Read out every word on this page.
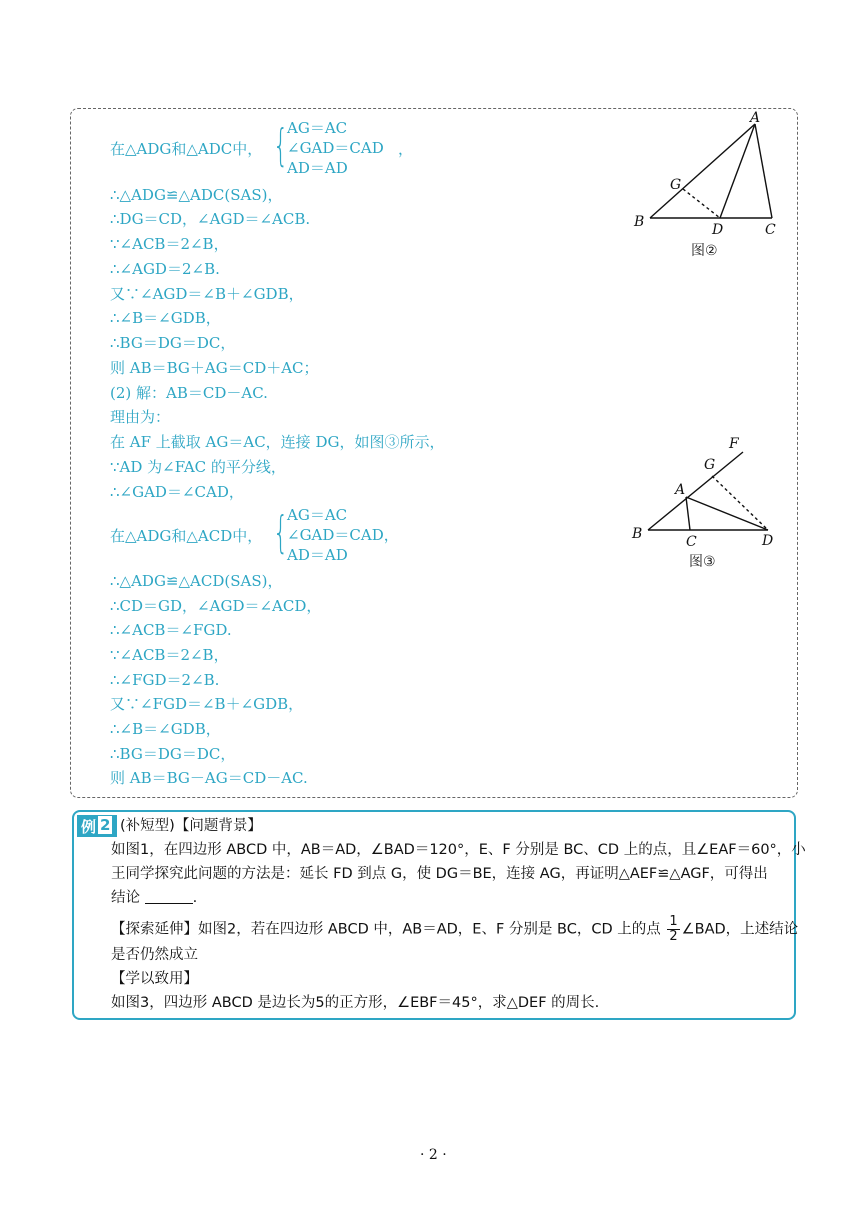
在△ADG和△ADC中， {
AG＝AC
∠GAD＝CAD
AD＝AD
，
∴△ADG≌△ADC(SAS)，
∴DG＝CD，∠AGD＝∠ACB.
∵∠ACB＝2∠B，
∴∠AGD＝2∠B.
又∵∠AGD＝∠B＋∠GDB，
∴∠B＝∠GDB，
∴BG＝DG＝DC，
则 AB＝BG＋AG＝CD＋AC；
(2) 解：AB＝CD－AC.
理由为：
在 AF 上截取 AG＝AC，连接 DG，如图③所示，
∵AD 为∠FAC 的平分线，
∴∠GAD＝∠CAD，
在△ADG和△ACD中， {
AG＝AC
∠GAD＝CAD，
AD＝AD
∴△ADG≌△ACD(SAS)，
∴CD＝GD，∠AGD＝∠ACD，
∴∠ACB＝∠FGD.
∵∠ACB＝2∠B，
∴∠FGD＝2∠B.
又∵∠FGD＝∠B＋∠GDB，
∴∠B＝∠GDB，
∴BG＝DG＝DC，
则 AB＝BG－AG＝CD－AC.
A
G
B	D	C
图②
F
G
A
B	C	D
图③
例 2 (补短型)【问题背景】
如图1，在四边形 ABCD 中，AB＝AD，∠BAD＝120°，E、F 分别是 BC、CD 上的点，且∠EAF＝60°，小
王同学探究此问题的方法是：延长 FD 到点 G，使 DG＝BE，连接 AG，再证明△AEF≌△AGF，可得出
结论	.
【探索延伸】如图2，若在四边形 ABCD 中，AB＝AD，E、F 分别是 BC，CD 上的点 $\frac{1}{2}$ ∠BAD，上述结论
是否仍然成立
【学以致用】
如图3，四边形 ABCD 是边长为5的正方形，∠EBF＝45°，求△DEF 的周长.
· 2 ·
